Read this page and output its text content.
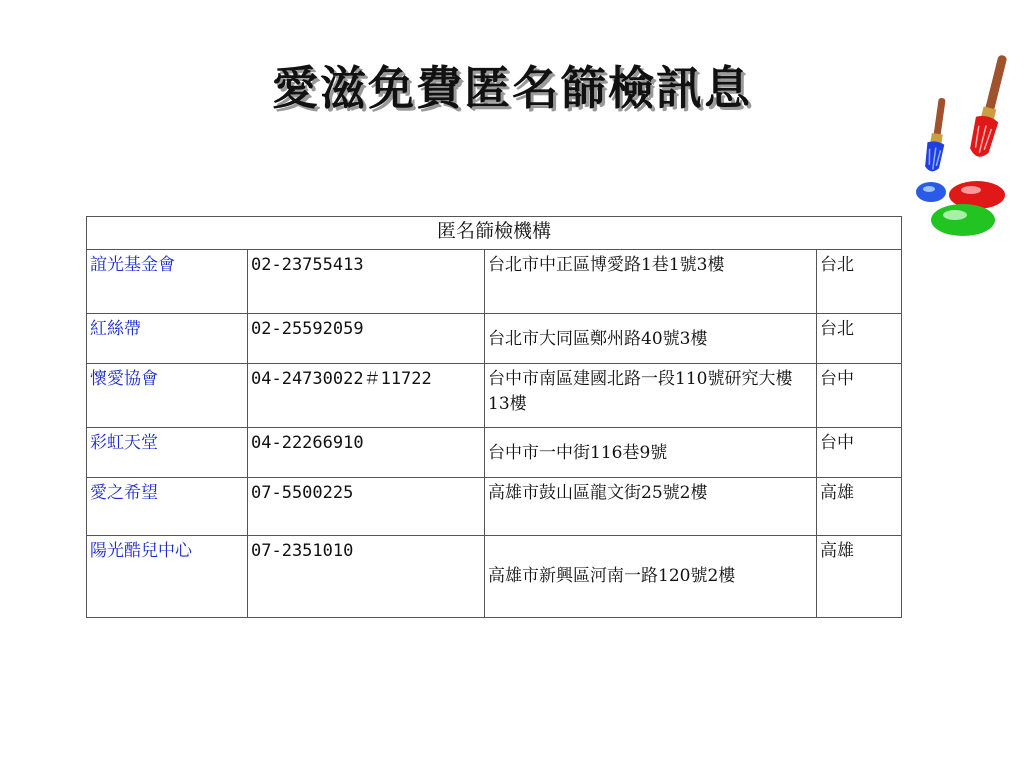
愛滋免費匿名篩檢訊息
匿名篩檢機構			
誼光基金會	02-23755413	台北市中正區博愛路1巷1號3樓	台北
紅絲帶	02-25592059	台北市大同區鄭州路40號3樓	台北
懷愛協會	04-24730022＃11722	台中市南區建國北路一段110號研究大樓13樓	台中
彩虹天堂	04-22266910	台中市一中街116巷9號	台中
愛之希望	07-5500225	高雄市鼓山區龍文街25號2樓	高雄
陽光酷兒中心	07-2351010	高雄市新興區河南一路120號2樓	高雄
